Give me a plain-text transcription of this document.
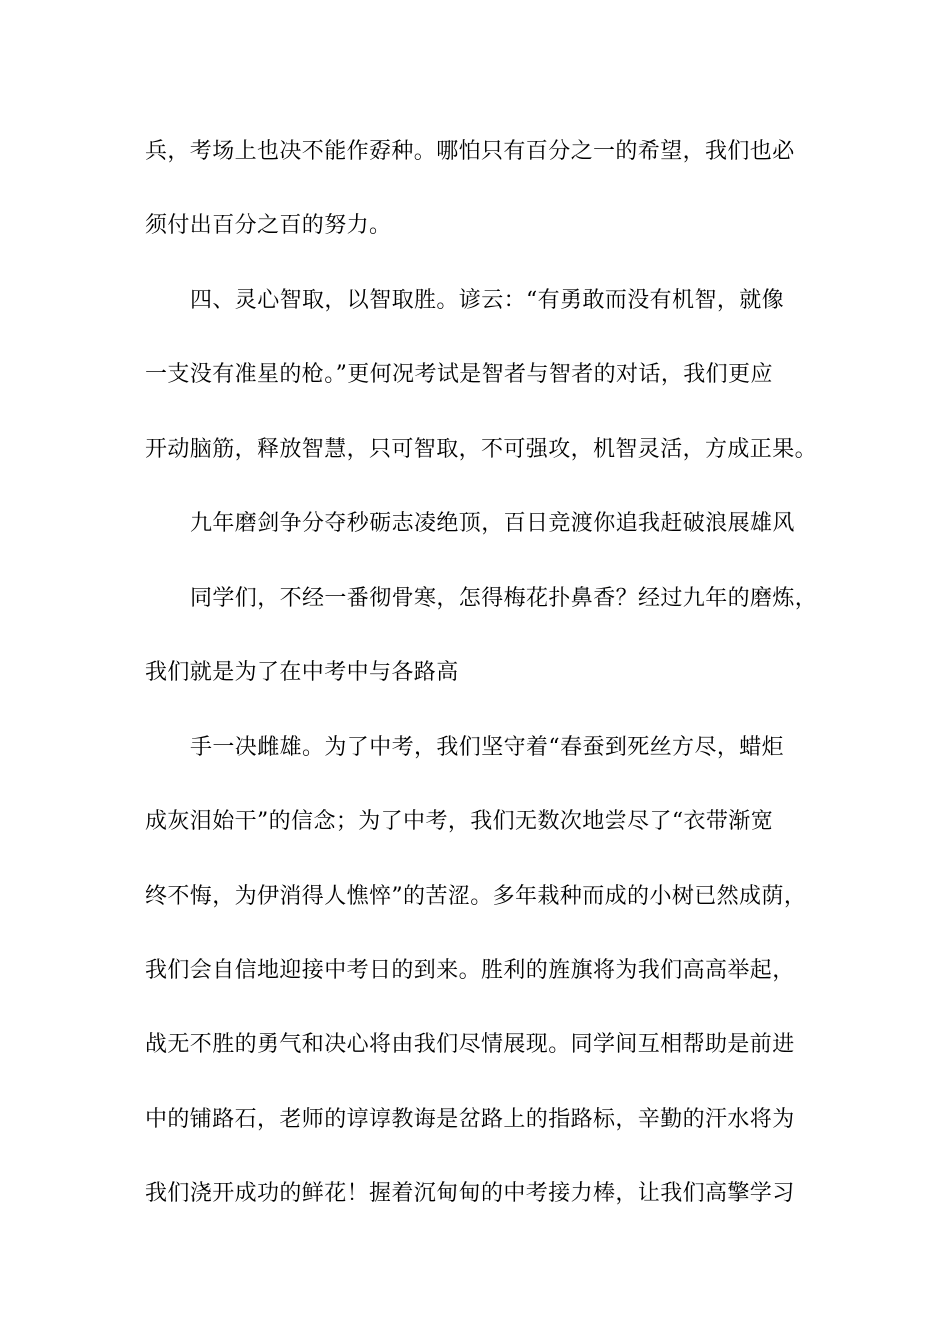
兵，考场上也决不能作孬种。哪怕只有百分之一的希望，我们也必
须付出百分之百的努力。
四、灵心智取，以智取胜。谚云：“有勇敢而没有机智，就像
一支没有准星的枪。”更何况考试是智者与智者的对话，我们更应
开动脑筋，释放智慧，只可智取，不可强攻，机智灵活，方成正果。
九年磨剑争分夺秒砺志凌绝顶，百日竞渡你追我赶破浪展雄风
同学们，不经一番彻骨寒，怎得梅花扑鼻香？经过九年的磨炼，
我们就是为了在中考中与各路高
手一决雌雄。为了中考，我们坚守着“春蚕到死丝方尽，蜡炬
成灰泪始干”的信念；为了中考，我们无数次地尝尽了“衣带渐宽
终不悔，为伊消得人憔悴”的苦涩。多年栽种而成的小树已然成荫，
我们会自信地迎接中考日的到来。胜利的旌旗将为我们高高举起，
战无不胜的勇气和决心将由我们尽情展现。同学间互相帮助是前进
中的铺路石，老师的谆谆教诲是岔路上的指路标，辛勤的汗水将为
我们浇开成功的鲜花！握着沉甸甸的中考接力棒，让我们高擎学习
